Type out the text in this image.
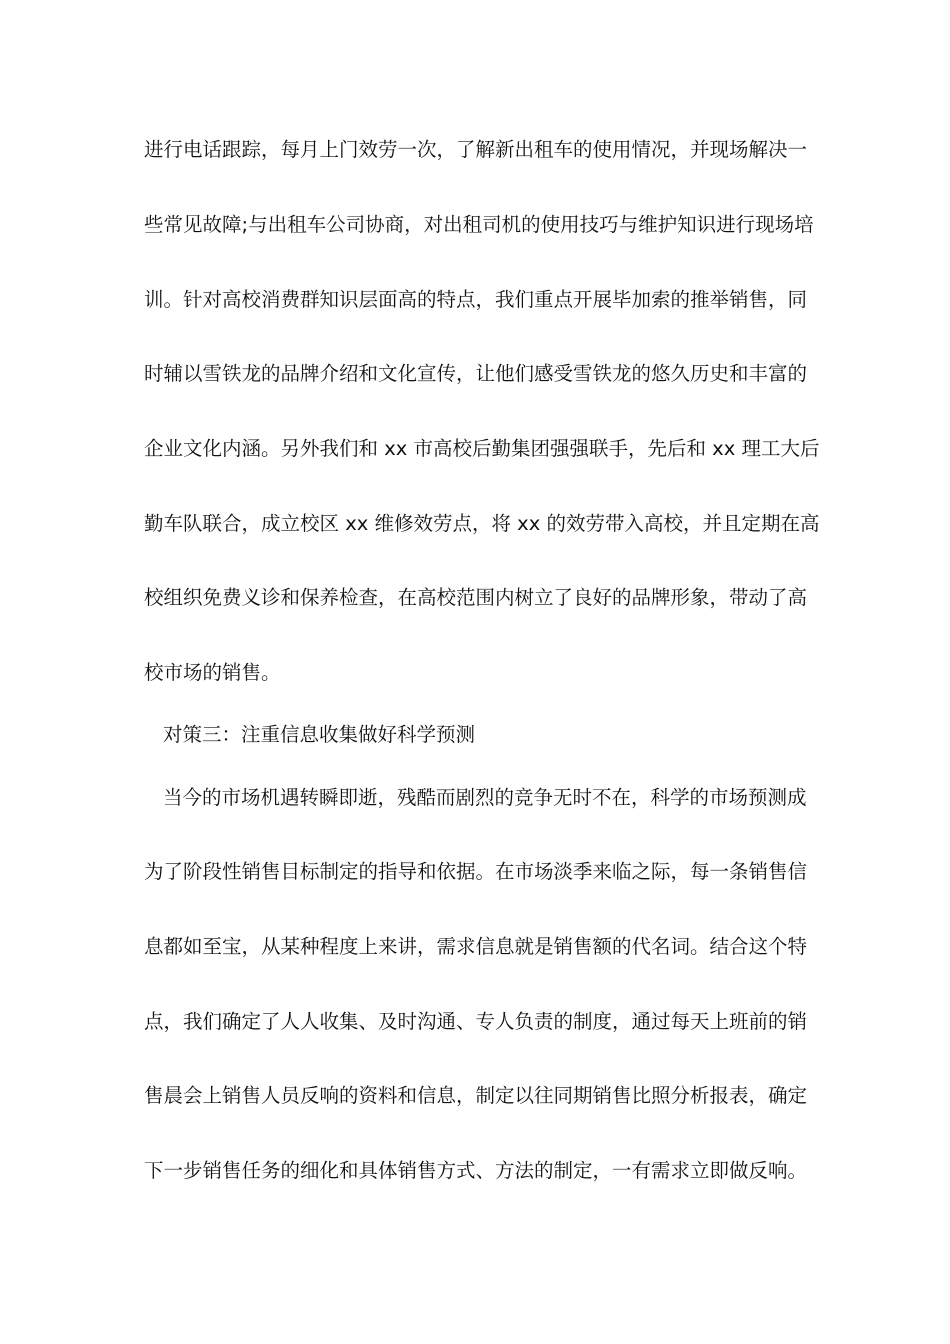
进行电话跟踪，每月上门效劳一次，了解新出租车的使用情况，并现场解决一
些常见故障;与出租车公司协商，对出租司机的使用技巧与维护知识进行现场培
训。针对高校消费群知识层面高的特点，我们重点开展毕加索的推举销售，同
时辅以雪铁龙的品牌介绍和文化宣传，让他们感受雪铁龙的悠久历史和丰富的
企业文化内涵。另外我们和 xx 市高校后勤集团强强联手，先后和 xx 理工大后
勤车队联合，成立校区 xx 维修效劳点，将 xx 的效劳带入高校，并且定期在高
校组织免费义诊和保养检查，在高校范围内树立了良好的品牌形象，带动了高
校市场的销售。
对策三：注重信息收集做好科学预测
当今的市场机遇转瞬即逝，残酷而剧烈的竞争无时不在，科学的市场预测成
为了阶段性销售目标制定的指导和依据。在市场淡季来临之际，每一条销售信
息都如至宝，从某种程度上来讲，需求信息就是销售额的代名词。结合这个特
点，我们确定了人人收集、及时沟通、专人负责的制度，通过每天上班前的销
售晨会上销售人员反响的资料和信息，制定以往同期销售比照分析报表，确定
下一步销售任务的细化和具体销售方式、方法的制定，一有需求立即做反响。
